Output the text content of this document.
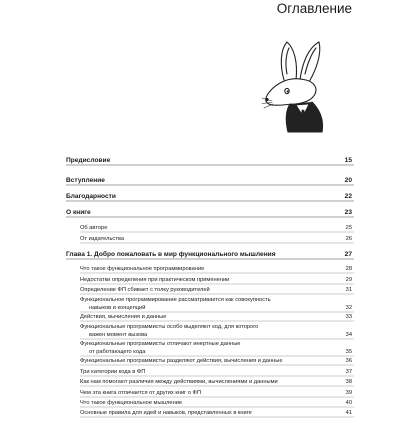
Оглавление
Предисловие	15
Вступление	20
Благодарности	22
О книге	23
Об авторе	25
От издательства	26
Глава 1. Добро пожаловать в мир функционального мышления	27
Что такое функциональное программирование	28
Недостатки определения при практическом применении	29
Определение ФП сбивает с толку руководителей	31
Функциональное программирование рассматривается как совокупность
навыков и концепций	32
Действия, вычисления и данные	33
Функциональные программисты особо выделяют код, для которого
важен момент вызова	34
Функциональные программисты отличают инертные данные
от работающего кода	35
Функциональные программисты разделяют действия, вычисления и данные	36
Три категории кода в ФП	37
Как нам помогают различия между действиями, вычислениями и данными	38
Чем эта книга отличается от других книг о ФП	39
Что такое функциональное мышление	40
Основные правила для идей и навыков, представленных в книге	41
